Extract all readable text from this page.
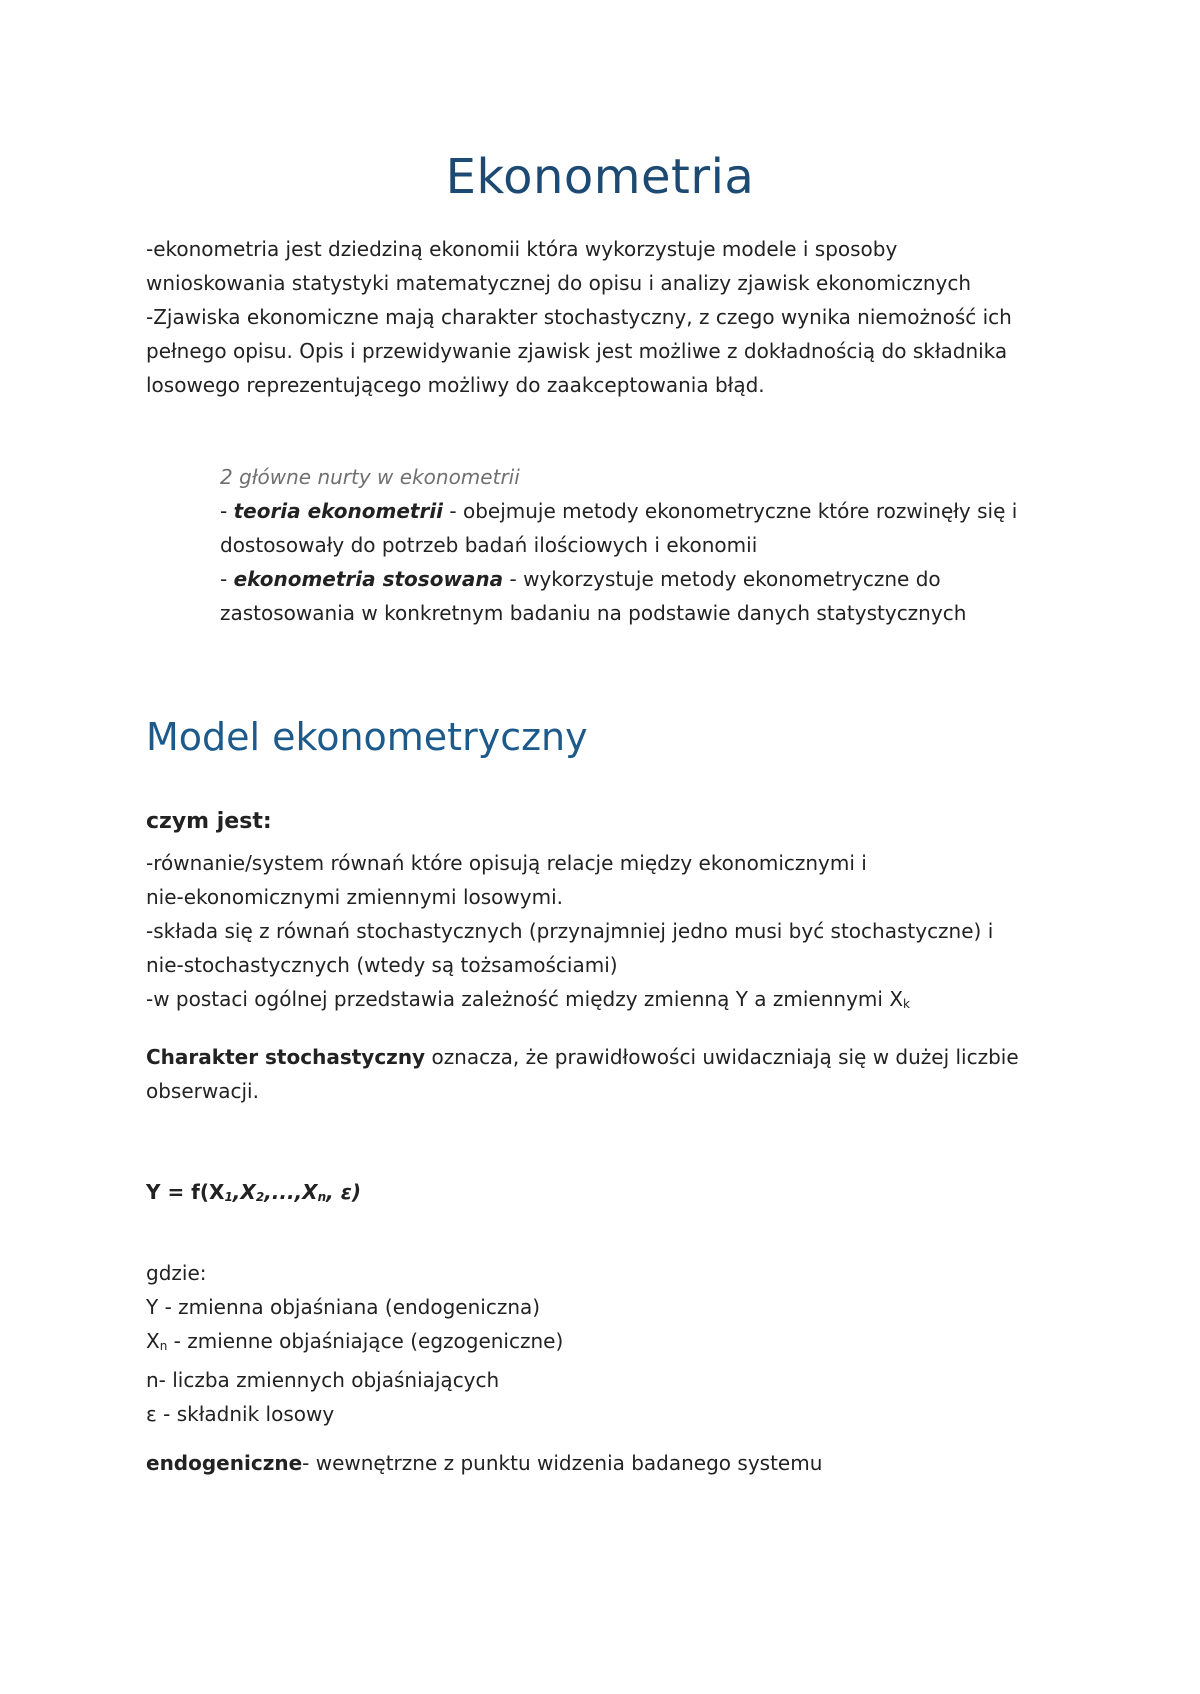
Ekonometria
-ekonometria jest dziedziną ekonomii która wykorzystuje modele i sposoby
wnioskowania statystyki matematycznej do opisu i analizy zjawisk ekonomicznych
-Zjawiska ekonomiczne mają charakter stochastyczny, z czego wynika niemożność ich
pełnego opisu. Opis i przewidywanie zjawisk jest możliwe z dokładnością do składnika
losowego reprezentującego możliwy do zaakceptowania błąd.
2 główne nurty w ekonometrii
- teoria ekonometrii - obejmuje metody ekonometryczne które rozwinęły się i
dostosowały do potrzeb badań ilościowych i ekonomii
- ekonometria stosowana - wykorzystuje metody ekonometryczne do
zastosowania w konkretnym badaniu na podstawie danych statystycznych
Model ekonometryczny
czym jest:
-równanie/system równań które opisują relacje między ekonomicznymi i
nie-ekonomicznymi zmiennymi losowymi.
-składa się z równań stochastycznych (przynajmniej jedno musi być stochastyczne) i
nie-stochastycznych (wtedy są tożsamościami)
-w postaci ogólnej przedstawia zależność między zmienną Y a zmiennymi $X_k$
Charakter stochastyczny oznacza, że prawidłowości uwidaczniają się w dużej liczbie
obserwacji.
$Y = f(X_1,X_2,...,X_n$, ε)
gdzie:
Y - zmienna objaśniana (endogeniczna)
$X_n$ - zmienne objaśniające (egzogeniczne)
n- liczba zmiennych objaśniających
ε - składnik losowy
endogeniczne- wewnętrzne z punktu widzenia badanego systemu
